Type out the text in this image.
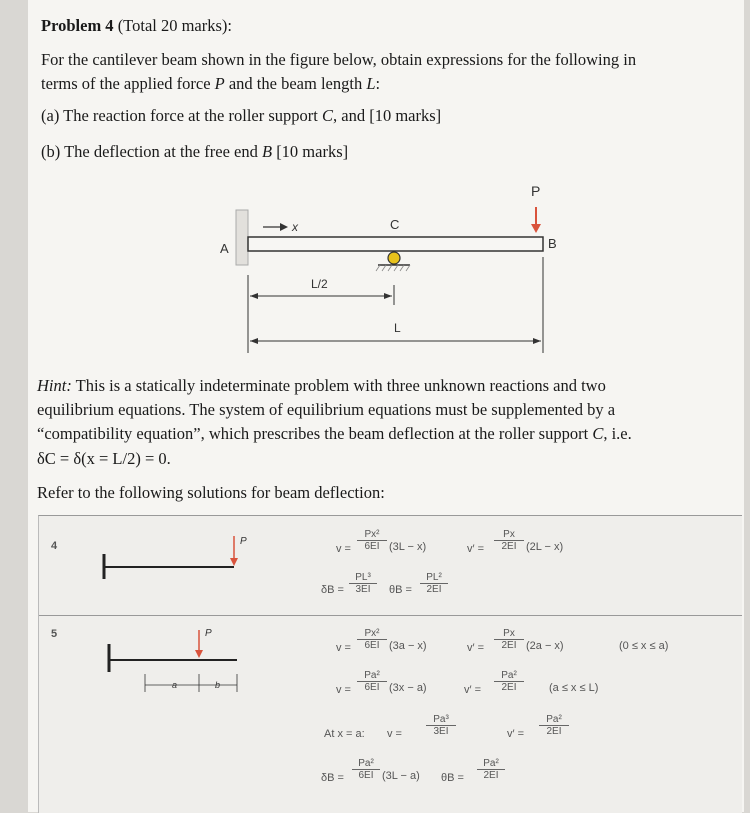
Problem 4 (Total 20 marks):
For the cantilever beam shown in the figure below, obtain expressions for the following in
terms of the applied force P and the beam length L:
(a) The reaction force at the roller support C, and [10 marks]
(b) The deflection at the free end B [10 marks]
x
A	B
C
P
L/2
L
Hint: This is a statically indeterminate problem with three unknown reactions and two
equilibrium equations. The system of equilibrium equations must be supplemented by a
“compatibility equation”, which prescribes the beam deflection at the roller support C, i.e.
δC = δ(x = L/2) = 0.
Refer to the following solutions for beam deflection:
4	P
$v = \frac{\text{Px²}}{6EI} (3L - x)$	$v' = \frac{Px}{2EI} (2L - x)$
$\delta B = \frac{\text{PL³}}{3EI}$ $\theta B = \frac{\text{PL²}}{2EI}$
5	P
a	b
$v = \frac{\text{Px²}}{6EI} (3a - x)$	$v' = \frac{Px}{2EI} (2a - x)$	(0 ≤ x ≤ a)
$v = \frac{\text{Pa²}}{6EI} (3x - a)$	$v' = \frac{\text{Pa²}}{2EI} (a \le x \le L)$
At x = a: $v = \frac{\text{Pa³}}{3EI}$	$v' = \frac{\text{Pa²}}{2EI}$
$\delta B = \frac{\text{Pa²}}{6EI} (3L - a) \theta B = \frac{\text{Pa²}}{2EI}$
